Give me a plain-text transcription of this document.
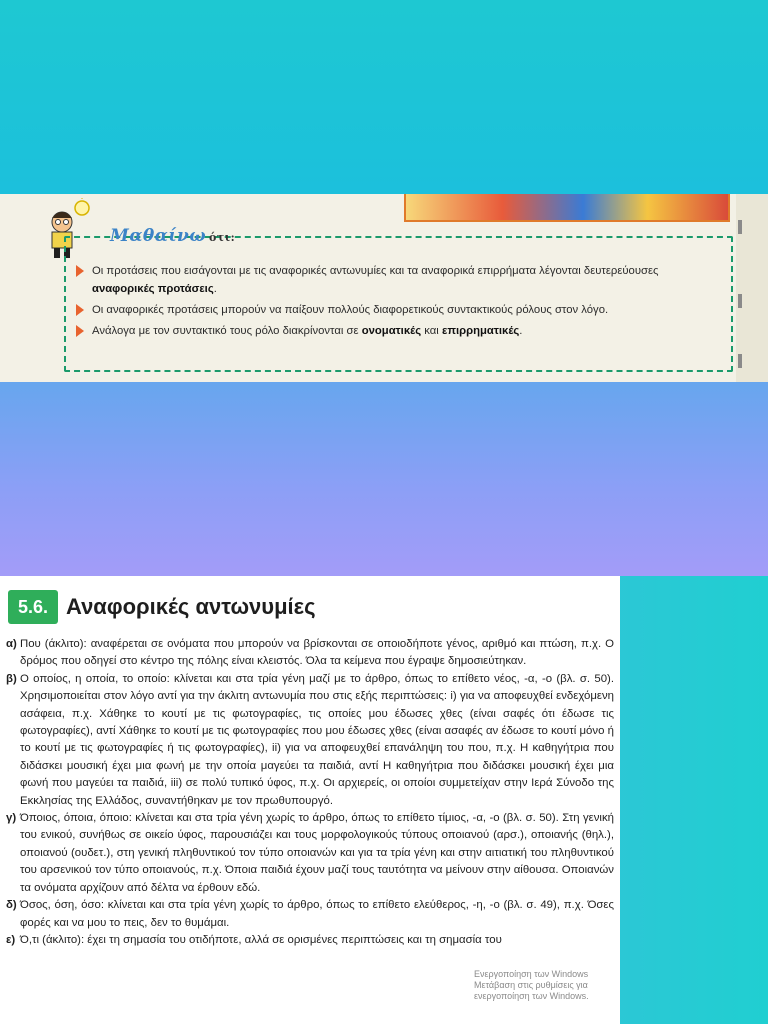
Μαθαίνω ότι:
Οι προτάσεις που εισάγονται με τις αναφορικές αντωνυμίες και τα αναφορικά επιρρήματα λέγονται δευτερεύουσες αναφορικές προτάσεις.
Οι αναφορικές προτάσεις μπορούν να παίξουν πολλούς διαφορετικούς συντακτικούς ρόλους στον λόγο.
Ανάλογα με τον συντακτικό τους ρόλο διακρίνονται σε ονοματικές και επιρρηματικές.
5.6. Αναφορικές αντωνυμίες
α) Που (άκλιτο): αναφέρεται σε ονόματα που μπορούν να βρίσκονται σε οποιοδήποτε γένος, αριθμό και πτώση, π.χ. Ο δρόμος που οδηγεί στο κέντρο της πόλης είναι κλειστός. Όλα τα κείμενα που έγραψε δημοσιεύτηκαν.
β) Ο οποίος, η οποία, το οποίο: κλίνεται και στα τρία γένη μαζί με το άρθρο, όπως το επίθετο νέος, -α, -ο (βλ. σ. 50). Χρησιμοποιείται στον λόγο αντί για την άκλιτη αντωνυμία που στις εξής περιπτώσεις: i) για να αποφευχθεί ενδεχόμενη ασάφεια, π.χ. Χάθηκε το κουτί με τις φωτογραφίες, τις οποίες μου έδωσες χθες (είναι σαφές ότι έδωσε τις φωτογραφίες), αντί Χάθηκε το κουτί με τις φωτογραφίες που μου έδωσες χθες (είναι ασαφές αν έδωσε το κουτί μόνο ή το κουτί με τις φωτογραφίες ή τις φωτογραφίες), ii) για να αποφευχθεί επανάληψη του που, π.χ. Η καθηγήτρια που διδάσκει μουσική έχει μια φωνή με την οποία μαγεύει τα παιδιά, αντί Η καθηγήτρια που διδάσκει μουσική έχει μια φωνή που μαγεύει τα παιδιά, iii) σε πολύ τυπικό ύφος, π.χ. Οι αρχιερείς, οι οποίοι συμμετείχαν στην Ιερά Σύνοδο της Εκκλησίας της Ελλάδος, συναντήθηκαν με τον πρωθυπουργό.
γ) Όποιος, όποια, όποιο: κλίνεται και στα τρία γένη χωρίς το άρθρο, όπως το επίθετο τίμιος, -α, -ο (βλ. σ. 50). Στη γενική του ενικού, συνήθως σε οικείο ύφος, παρουσιάζει και τους μορφολογικούς τύπους οποιανού (αρσ.), οποιανής (θηλ.), οποιανού (ουδετ.), στη γενική πληθυντικού τον τύπο οποιανών και για τα τρία γένη και στην αιτιατική του πληθυντικού του αρσενικού τον τύπο οποιανούς, π.χ. Όποια παιδιά έχουν μαζί τους ταυτότητα να μείνουν στην αίθουσα. Οποιανών τα ονόματα αρχίζουν από δέλτα να έρθουν εδώ.
δ) Όσος, όση, όσο: κλίνεται και στα τρία γένη χωρίς το άρθρο, όπως το επίθετο ελεύθερος, -η, -ο (βλ. σ. 49), π.χ. Όσες φορές και να μου το πεις, δεν το θυμάμαι.
ε) Ό,τι (άκλιτο): έχει τη σημασία του οτιδήποτε, αλλά σε ορισμένες περιπτώσεις και τη σημασία του
Ενεργοποίηση των Windows
Μετάβαση στις ρυθμίσεις για ενεργοποίηση των Windows.
